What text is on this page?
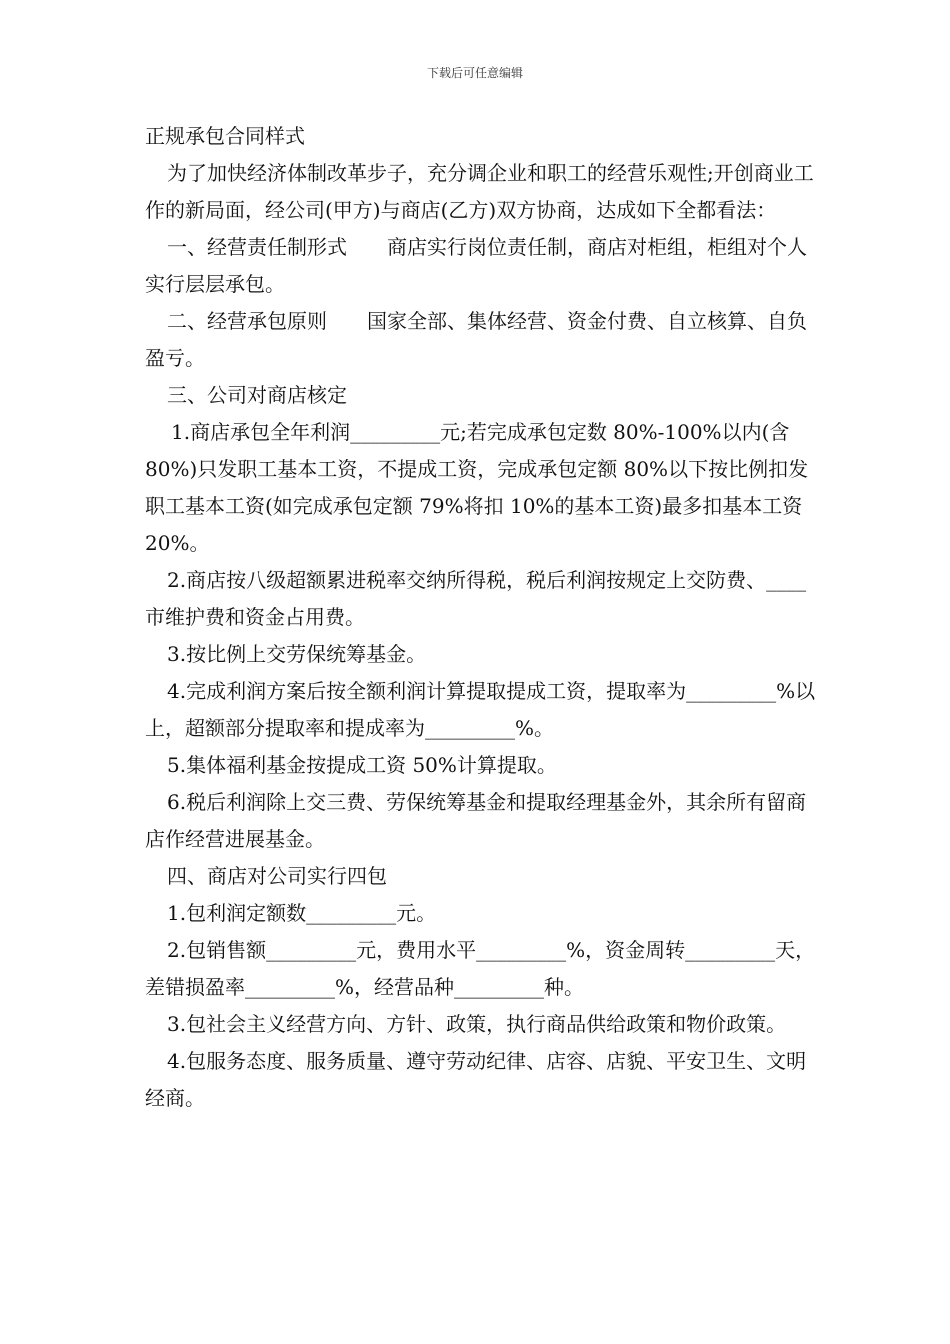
下载后可任意编辑

正规承包合同样式

为了加快经济体制改革步子，充分调企业和职工的经营乐观性;开创商业工作的新局面，经公司(甲方)与商店(乙方)双方协商，达成如下全都看法：

一、经营责任制形式　　商店实行岗位责任制，商店对柜组，柜组对个人实行层层承包。

二、经营承包原则　　国家全部、集体经营、资金付费、自立核算、自负盈亏。

三、公司对商店核定

1.商店承包全年利润_________元;若完成承包定数 80%-100%以内(含 80%)只发职工基本工资，不提成工资，完成承包定额 80%以下按比例扣发职工基本工资(如完成承包定额 79%将扣 10%的基本工资)最多扣基本工资 20%。

2.商店按八级超额累进税率交纳所得税，税后利润按规定上交防费、____市维护费和资金占用费。

3.按比例上交劳保统筹基金。

4.完成利润方案后按全额利润计算提取提成工资，提取率为_________%以上，超额部分提取率和提成率为_________%。

5.集体福利基金按提成工资 50%计算提取。

6.税后利润除上交三费、劳保统筹基金和提取经理基金外，其余所有留商店作经营进展基金。

四、商店对公司实行四包

1.包利润定额数_________元。

2.包销售额_________元，费用水平_________%，资金周转_________天，差错损盈率_________%，经营品种_________种。

3.包社会主义经营方向、方针、政策，执行商品供给政策和物价政策。

4.包服务态度、服务质量、遵守劳动纪律、店容、店貌、平安卫生、文明经商。
